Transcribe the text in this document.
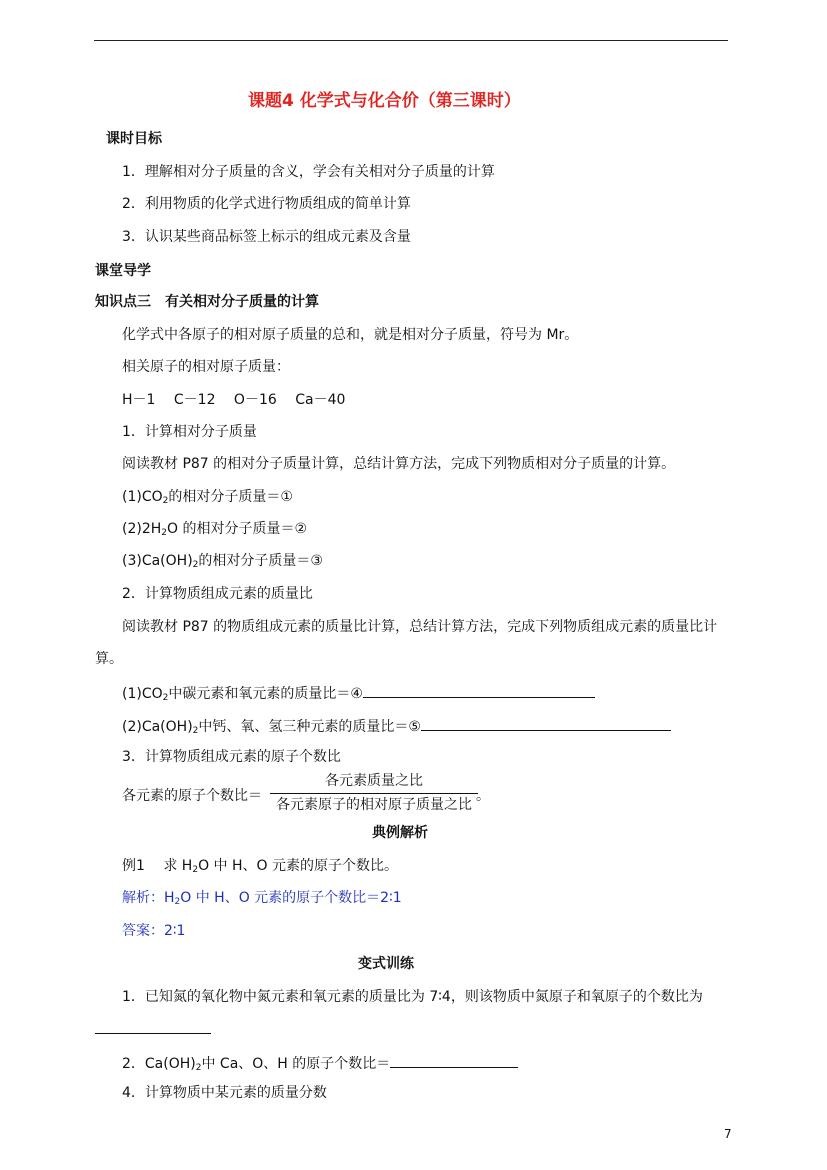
课题4 化学式与化合价（第三课时）
课时目标
1．理解相对分子质量的含义，学会有关相对分子质量的计算
2．利用物质的化学式进行物质组成的简单计算
3．认识某些商品标签上标示的组成元素及含量
课堂导学
知识点三　有关相对分子质量的计算
化学式中各原子的相对原子质量的总和，就是相对分子质量，符号为 Mr。
相关原子的相对原子质量：
H－1　 C－12　 O－16　 Ca－40
1．计算相对分子质量
阅读教材 P87 的相对分子质量计算，总结计算方法，完成下列物质相对分子质量的计算。
$(1)CO_2$的相对分子质量＝①
$(2)2H_2O$ 的相对分子质量＝②
$(3)Ca(OH)_2$的相对分子质量＝③
2．计算物质组成元素的质量比
阅读教材 P87 的物质组成元素的质量比计算，总结计算方法，完成下列物质组成元素的质量比计
算。
$(1)CO_2$中碳元素和氧元素的质量比＝④
$(2)Ca(OH)_2$中钙、氧、氢三种元素的质量比＝⑤
3．计算物质组成元素的原子个数比
各元素的原子个数比＝
各元素质量之比
各元素原子的相对原子质量之比
。
典例解析
例1　 求 $H_2O$ 中 H、O 元素的原子个数比。
解析：$H_2O$ 中 H、O 元素的原子个数比＝2∶1
答案：2∶1
变式训练
1．已知氮的氧化物中氮元素和氧元素的质量比为 7∶4，则该物质中氮原子和氧原子的个数比为
2．$Ca(OH)_2$中 Ca、O、H 的原子个数比＝
4．计算物质中某元素的质量分数
7
